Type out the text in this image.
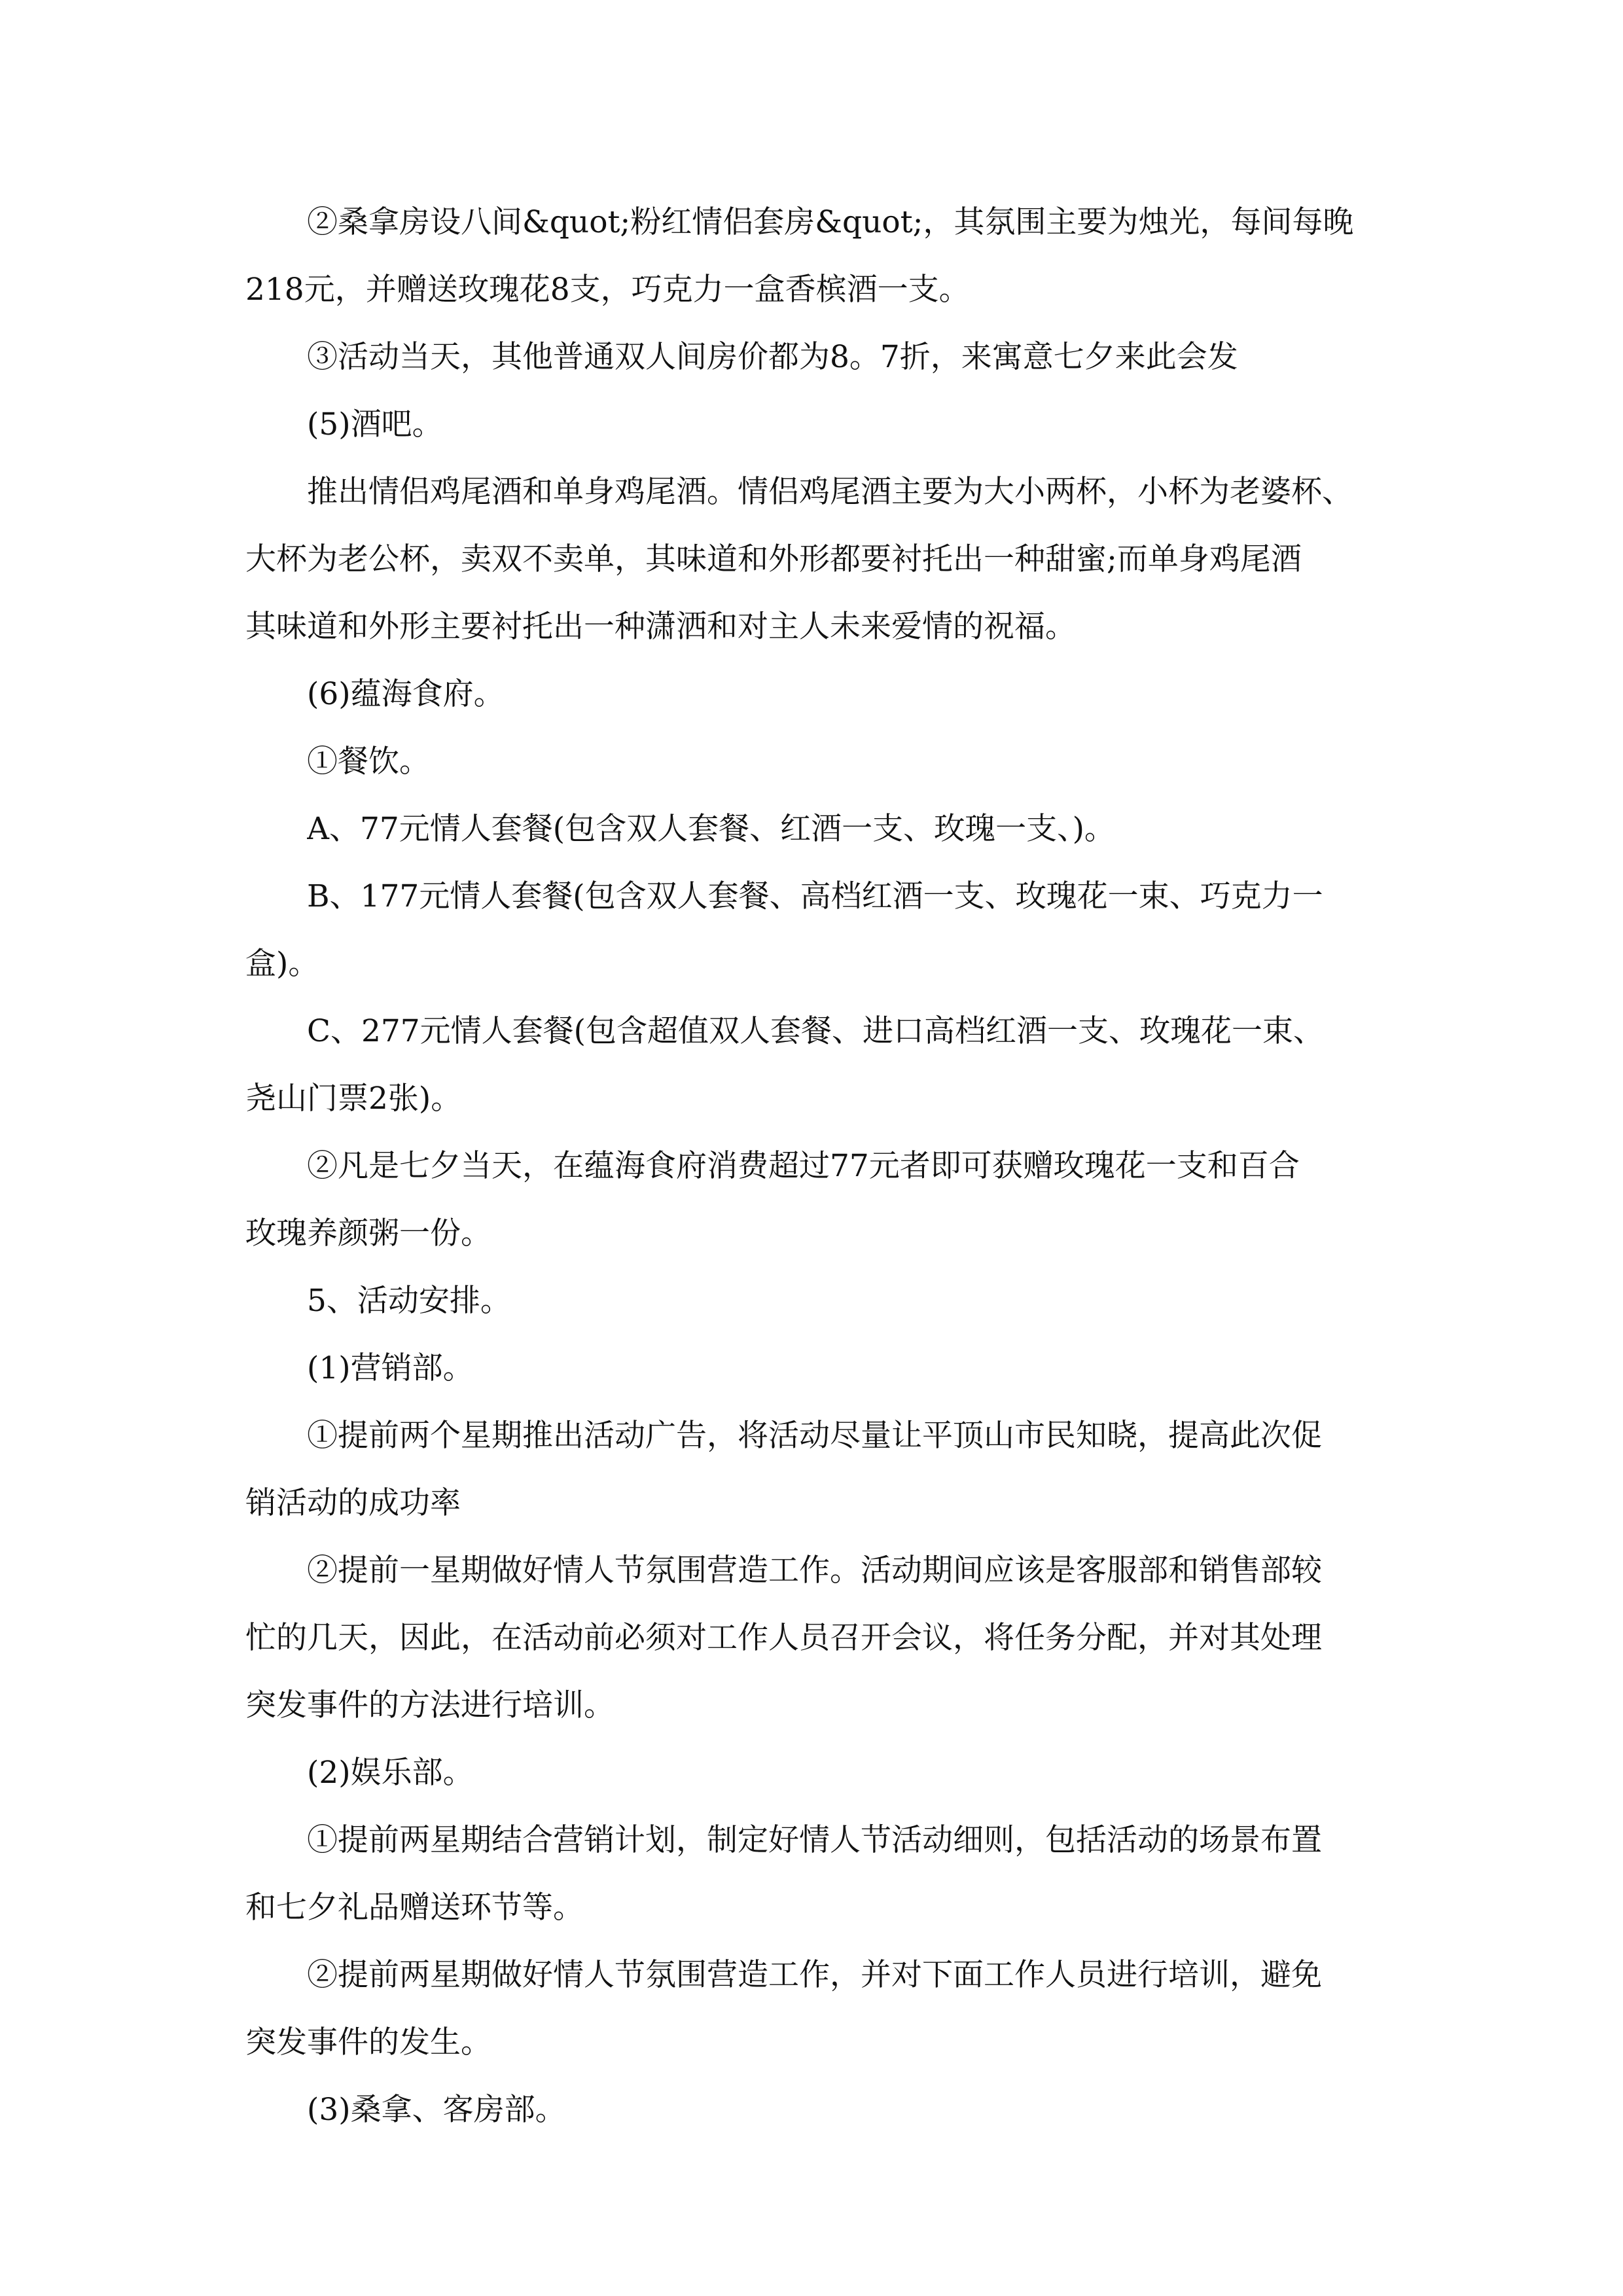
②桑拿房设八间&quot;粉红情侣套房&quot;，其氛围主要为烛光，每间每晚
218元，并赠送玫瑰花8支，巧克力一盒香槟酒一支。
③活动当天，其他普通双人间房价都为8。7折，来寓意七夕来此会发
(5)酒吧。
推出情侣鸡尾酒和单身鸡尾酒。情侣鸡尾酒主要为大小两杯，小杯为老婆杯、
大杯为老公杯，卖双不卖单，其味道和外形都要衬托出一种甜蜜;而单身鸡尾酒
其味道和外形主要衬托出一种潇洒和对主人未来爱情的祝福。
(6)蕴海食府。
①餐饮。
A、77元情人套餐(包含双人套餐、红酒一支、玫瑰一支、)。
B、177元情人套餐(包含双人套餐、高档红酒一支、玫瑰花一束、巧克力一
盒)。
C、277元情人套餐(包含超值双人套餐、进口高档红酒一支、玫瑰花一束、
尧山门票2张)。
②凡是七夕当天，在蕴海食府消费超过77元者即可获赠玫瑰花一支和百合
玫瑰养颜粥一份。
5、活动安排。
(1)营销部。
①提前两个星期推出活动广告，将活动尽量让平顶山市民知晓，提高此次促
销活动的成功率
②提前一星期做好情人节氛围营造工作。活动期间应该是客服部和销售部较
忙的几天，因此，在活动前必须对工作人员召开会议，将任务分配，并对其处理
突发事件的方法进行培训。
(2)娱乐部。
①提前两星期结合营销计划，制定好情人节活动细则，包括活动的场景布置
和七夕礼品赠送环节等。
②提前两星期做好情人节氛围营造工作，并对下面工作人员进行培训，避免
突发事件的发生。
(3)桑拿、客房部。
